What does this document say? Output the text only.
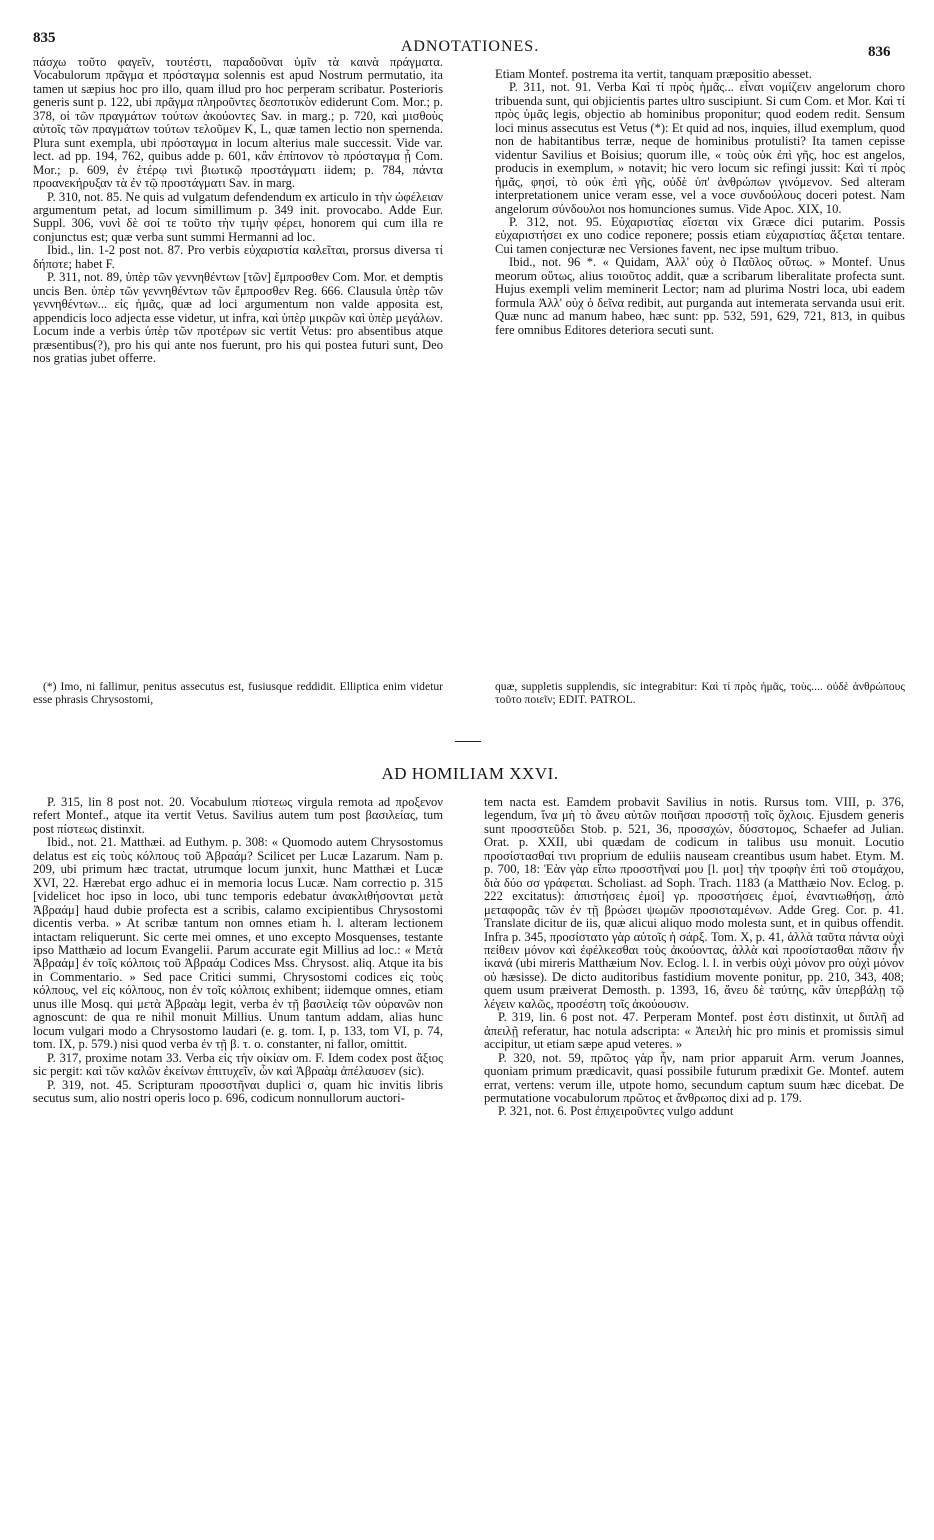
835	ADNOTATIONES.	836

πάσχω τοῦτο φαγεῖν, τουτέστι, παραδοῦναι ὑμῖν τὰ καινὰ πράγματα. Vocabulorum πρᾶγμα et πρόσταγμα solennis est apud Nostrum permutatio, ita tamen ut sæpius hoc pro illo, quam illud pro hoc perperam scribatur. Posterioris generis sunt p. 122, ubi πρᾶγμα πληροῦντες δεσποτικὸν ediderunt Com. Mor.; p. 378, οἱ τῶν πραγμάτων τούτων ἀκούοντες Sav. in marg.; p. 720, καὶ μισθοὺς αὐτοῖς τῶν πραγμάτων τούτων τελοῦμεν K, L, quæ tamen lectio non spernenda. Plura sunt exempla, ubi πρόσταγμα in locum alterius male successit. Vide var. lect. ad pp. 194, 762, quibus adde p. 601, κἂν ἐπίπονον τὸ πρόσταγμα ᾖ Com. Mor.; p. 609, ἐν ἑτέρῳ τινὶ βιωτικῷ προστάγματι iidem; p. 784, πάντα προανεκήρυξαν τὰ ἐν τῷ προστάγματι Sav. in marg.

P. 310, not. 85. Ne quis ad vulgatum defendendum ex articulo in τὴν ὠφέλειαν argumentum petat, ad locum simillimum p. 349 init. provocabo. Adde Eur. Suppl. 306, νυνὶ δὲ σοί τε τοῦτο τὴν τιμὴν φέρει, honorem qui cum illa re conjunctus est; quæ verba sunt summi Hermanni ad loc.

Ibid., lin. 1-2 post not. 87. Pro verbis εὐχαριστία καλεῖται, prorsus diversa τί δήποτε; habet F.

P. 311, not. 89, ὑπὲρ τῶν γεννηθέντων [τῶν] ἔμπροσθεν Com. Mor. et demptis uncis Ben. ὑπὲρ τῶν γεννηθέντων τῶν ἔμπροσθεν Reg. 666. Clausula ὑπὲρ τῶν γεννηθέντων... εἰς ἡμᾶς, quæ ad loci argumentum non valde apposita est, appendicis loco adjecta esse videtur, ut infra, καὶ ὑπὲρ μικρῶν καὶ ὑπὲρ μεγάλων. Locum inde a verbis ὑπὲρ τῶν προτέρων sic vertit Vetus: pro absentibus atque præsentibus(?), pro his qui ante nos fuerunt, pro his qui postea futuri sunt, Deo nos gratias jubet offerre.

Etiam Montef. postrema ita vertit, tanquam præpositio abesset.

P. 311, not. 91. Verba Καὶ τί πρὸς ἡμᾶς... εἶναι νομίζειν angelorum choro tribuenda sunt, qui objicientis partes ultro suscipiunt. Si cum Com. et Mor. Καὶ τί πρὸς ὑμᾶς legis, objectio ab hominibus proponitur; quod eodem redit. Sensum loci minus assecutus est Vetus (*): Et quid ad nos, inquies, illud exemplum, quod non de habitantibus terræ, neque de hominibus protulisti? Ita tamen cepisse videntur Savilius et Boisius; quorum ille, « τοὺς οὐκ ἐπὶ γῆς, hoc est angelos, producis in exemplum, » notavit; hic vero locum sic refingi jussit: Καὶ τί πρὸς ἡμᾶς, φησί, τὸ οὐκ ἐπὶ γῆς, οὐδὲ ὑπ' ἀνθρώπων γινόμενον. Sed alteram interpretationem unice veram esse, vel a voce συνδούλους doceri potest. Nam angelorum σύνδουλοι nos homunciones sumus. Vide Apoc. XIX, 10.

P. 312, not. 95. Εὐχαριστίας εἴσεται vix Græce dici putarim. Possis εὐχαριστήσει ex uno codice reponere; possis etiam εὐχαριστίας ἄξεται tentare. Cui tamen conjecturæ nec Versiones favent, nec ipse multum tribuo.

Ibid., not. 96 *. « Quidam, Ἀλλ' οὐχ ὁ Παῦλος οὕτως. » Montef. Unus meorum οὕτως, alius τοιοῦτος addit, quæ a scribarum liberalitate profecta sunt. Hujus exempli velim meminerit Lector; nam ad plurima Nostri loca, ubi eadem formula Ἀλλ' οὐχ ὁ δεῖνα redibit, aut purganda aut intemerata servanda usui erit. Quæ nunc ad manum habeo, hæc sunt: pp. 532, 591, 629, 721, 813, in quibus fere omnibus Editores deteriora secuti sunt.

(*) Imo, ni fallimur, penitus assecutus est, fusiusque reddidit. Elliptica enim videtur esse phrasis Chrysostomi,

quæ, suppletis supplendis, sic integrabitur: Καὶ τί πρὸς ἡμᾶς, τοὺς.... οὐδὲ ἀνθρώπους τοῦτο ποιεῖν; EDIT. PATROL.

AD HOMILIAM XXVI.

P. 315, lin 8 post not. 20. Vocabulum πίστεως virgula remota ad προξενον refert Montef., atque ita vertit Vetus. Savilius autem tum post βασιλείας, tum post πίστεως distinxit.

Ibid., not. 21. Matthæi. ad Euthym. p. 308: « Quomodo autem Chrysostomus delatus est εἰς τοὺς κόλπους τοῦ Ἀβραάμ? Scilicet per Lucæ Lazarum. Nam p. 209, ubi primum hæc tractat, utrumque locum junxit, hunc Matthæi et Lucæ XVI, 22. Hærebat ergo adhuc ei in memoria locus Lucæ. Nam correctio p. 315 [videlicet hoc ipso in loco, ubi tunc temporis edebatur ἀνακλιθήσονται μετὰ Ἀβραάμ] haud dubie profecta est a scribis, calamo excipientibus Chrysostomi dicentis verba. » At scribæ tantum non omnes etiam h. l. alteram lectionem intactam reliquerunt. Sic certe mei omnes, et uno excepto Mosquenses, testante ipso Matthæio ad locum Evangelii. Parum accurate egit Millius ad loc.: « Μετὰ Ἀβραάμ] ἐν τοῖς κόλποις τοῦ Ἀβραάμ Codices Mss. Chrysost. aliq. Atque ita bis in Commentario. » Sed pace Critici summi, Chrysostomi codices εἰς τοὺς κόλπους, vel εἰς κόλπους, non ἐν τοῖς κόλποις exhibent; iidemque omnes, etiam unus ille Mosq. qui μετὰ Ἀβραὰμ legit, verba ἐν τῇ βασιλείᾳ τῶν οὐρανῶν non agnoscunt: de qua re nihil monuit Millius. Unum tantum addam, alias hunc locum vulgari modo a Chrysostomo laudari (e. g. tom. I, p. 133, tom VI, p. 74, tom. IX, p. 579.) nisi quod verba ἐν τῇ β. τ. o. constanter, ni fallor, omittit.

P. 317, proxime notam 33. Verba εἰς τὴν οἰκίαν om. F. Idem codex post ἄξιος sic pergit: καὶ τῶν καλῶν ἐκείνων ἐπιτυχεῖν, ὧν καὶ Ἀβραὰμ ἀπέλαυσεν (sic).

P. 319, not. 45. Scripturam προσστῆναι duplici σ, quam hic invitis libris secutus sum, alio nostri operis loco p. 696, codicum nonnullorum auctori-

tem nacta est. Eamdem probavit Savilius in notis. Rursus tom. VIII, p. 376, legendum, ἵνα μὴ τὸ ἄνευ αὐτῶν ποιῆσαι προσστῇ τοῖς ὄχλοις. Ejusdem generis sunt προσστεῦδει Stob. p. 521, 36, προσσχών, δύσστομος, Schaefer ad Julian. Orat. p. XXII, ubi quædam de codicum in talibus usu monuit. Locutio προσίστασθαί τινι proprium de eduliis nauseam creantibus usum habet. Etym. M. p. 700, 18: Ἐὰν γὰρ εἴπω προσστῆναί μου [l. μοι] τὴν τροφὴν ἐπὶ τοῦ στομάχου, διὰ δύο σσ γράφεται. Scholiast. ad Soph. Trach. 1183 (a Matthæio Nov. Eclog. p. 222 excitatus): ἀπιστήσεις ἐμοί] γρ. προσστήσεις ἐμοί, ἐναντιωθήσῃ, ἀπὸ μεταφορᾶς τῶν ἐν τῇ βρώσει ψωμῶν προσισταμένων. Adde Greg. Cor. p. 41. Translate dicitur de iis, quæ alicui aliquo modo molesta sunt, et in quibus offendit. Infra p. 345, προσίστατο γὰρ αὐτοῖς ἡ σάρξ. Tom. X, p. 41, ἀλλὰ ταῦτα πάντα οὐχὶ πείθειν μόνον καὶ ἐφέλκεσθαι τοὺς ἀκούοντας, ἀλλὰ καὶ προσίστασθαι πᾶσιν ἦν ἱκανά (ubi mireris Matthæium Nov. Eclog. l. l. in verbis οὐχὶ μόνον pro οὐχὶ μόνον οὐ hæsisse). De dicto auditoribus fastidium movente ponitur, pp. 210, 343, 408; quem usum præiverat Demosth. p. 1393, 16, ἄνευ δὲ ταύτης, κἂν ὑπερβάλῃ τῷ λέγειν καλῶς, προσέστη τοῖς ἀκούουσιν.

P. 319, lin. 6 post not. 47. Perperam Montef. post ἐστι distinxit, ut διπλῆ ad ἀπειλῇ referatur, hac notula adscripta: « Ἀπειλὴ hic pro minis et promissis simul accipitur, ut etiam sæpe apud veteres. »

P. 320, not. 59, πρῶτος γὰρ ἦν, nam prior apparuit Arm. verum Joannes, quoniam primum prædicavit, quasi possibile futurum prædixit Ge. Montef. autem errat, vertens: verum ille, utpote homo, secundum captum suum hæc dicebat. De permutatione vocabulorum πρῶτος et ἄνθρωπος dixi ad p. 179.

P. 321, not. 6. Post ἐπιχειροῦντες vulgo addunt
